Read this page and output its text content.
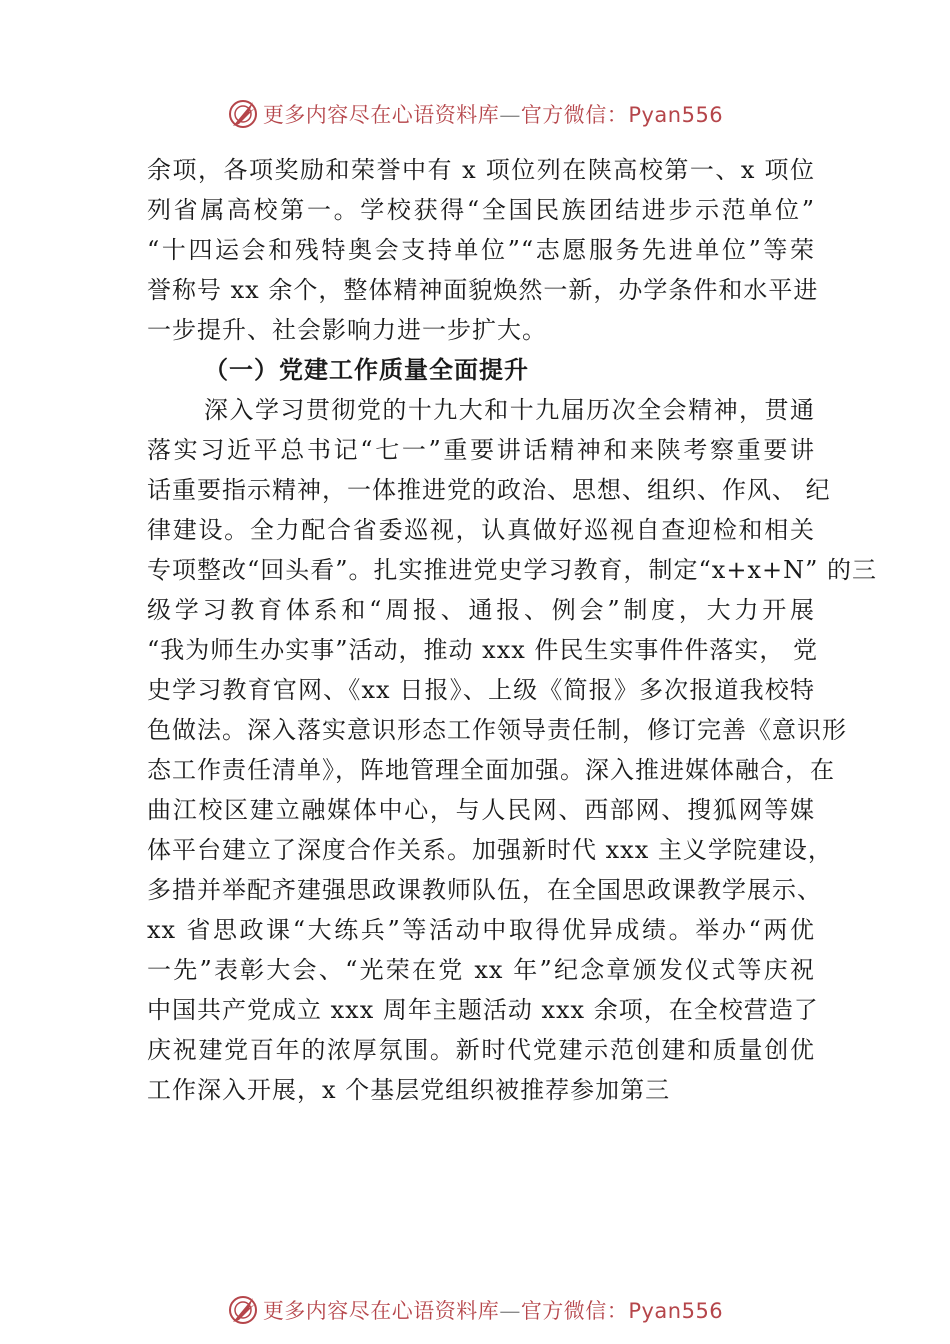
更多内容尽在心语资料库—官方微信：Pyan556
余项，各项奖励和荣誉中有 x 项位列在陕高校第一、x 项位
列省属高校第一。学校获得“全国民族团结进步示范单位”
“十四运会和残特奥会支持单位”“志愿服务先进单位”等荣
誉称号 xx 余个，整体精神面貌焕然一新，办学条件和水平进
一步提升、社会影响力进一步扩大。
（一）党建工作质量全面提升
深入学习贯彻党的十九大和十九届历次全会精神，贯通
落实习近平总书记“七一”重要讲话精神和来陕考察重要讲
话重要指示精神，一体推进党的政治、思想、组织、作风、 纪
律建设。全力配合省委巡视，认真做好巡视自查迎检和相关
专项整改“回头看”。扎实推进党史学习教育，制定“x+x+N” 的三
级学习教育体系和“周报、通报、例会”制度，大力开展
“我为师生办实事”活动，推动 xxx 件民生实事件件落实， 党
史学习教育官网、《xx 日报》、上级《简报》多次报道我校特
色做法。深入落实意识形态工作领导责任制，修订完善《意识形
态工作责任清单》，阵地管理全面加强。深入推进媒体融合，在
曲江校区建立融媒体中心，与人民网、西部网、搜狐网等媒
体平台建立了深度合作关系。加强新时代 xxx 主义学院建设，
多措并举配齐建强思政课教师队伍，在全国思政课教学展示、
xx 省思政课“大练兵”等活动中取得优异成绩。举办“两优
一先”表彰大会、“光荣在党 xx 年”纪念章颁发仪式等庆祝
中国共产党成立 xxx 周年主题活动 xxx 余项，在全校营造了
庆祝建党百年的浓厚氛围。新时代党建示范创建和质量创优
工作深入开展，x 个基层党组织被推荐参加第三
更多内容尽在心语资料库—官方微信：Pyan556
